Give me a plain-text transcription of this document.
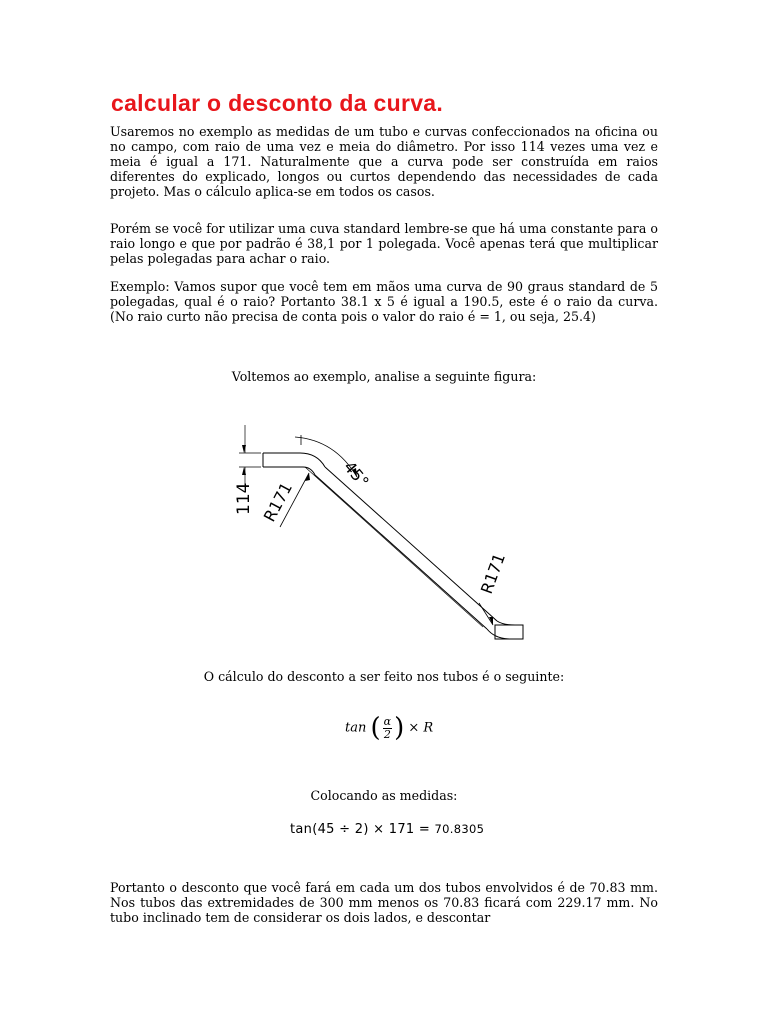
calcular o desconto da curva.

Usaremos no exemplo as medidas de um tubo e curvas confeccionados na oficina ou no campo, com raio de uma vez e meia do diâmetro. Por isso 114 vezes uma vez e meia é igual a 171. Naturalmente que a curva pode ser construída em raios diferentes do explicado, longos ou curtos dependendo das necessidades de cada projeto. Mas o cálculo aplica-se em todos os casos.

Porém se você for utilizar uma cuva standard lembre-se que há uma constante para o raio longo e que por padrão é 38,1 por 1 polegada. Você apenas terá que multiplicar pelas polegadas para achar o raio.

Exemplo: Vamos supor que você tem em mãos uma curva de 90 graus standard de 5 polegadas, qual é o raio? Portanto 38.1 x 5 é igual a 190.5, este é o raio da curva. (No raio curto não precisa de conta pois o valor do raio é = 1, ou seja, 25.4)

Voltemos ao exemplo, analise a seguinte figura:
114 R171
45°
R171
O cálculo do desconto a ser feito nos tubos é o seguinte:
tan ( $\frac{\alpha}{2}$ ) × R
Colocando as medidas:
tan(45 ÷ 2) × 171 = 70.8305

Portanto o desconto que você fará em cada um dos tubos envolvidos é de 70.83 mm. Nos tubos das extremidades de 300 mm menos os 70.83 ficará com 229.17 mm. No tubo inclinado tem de considerar os dois lados, e descontar
